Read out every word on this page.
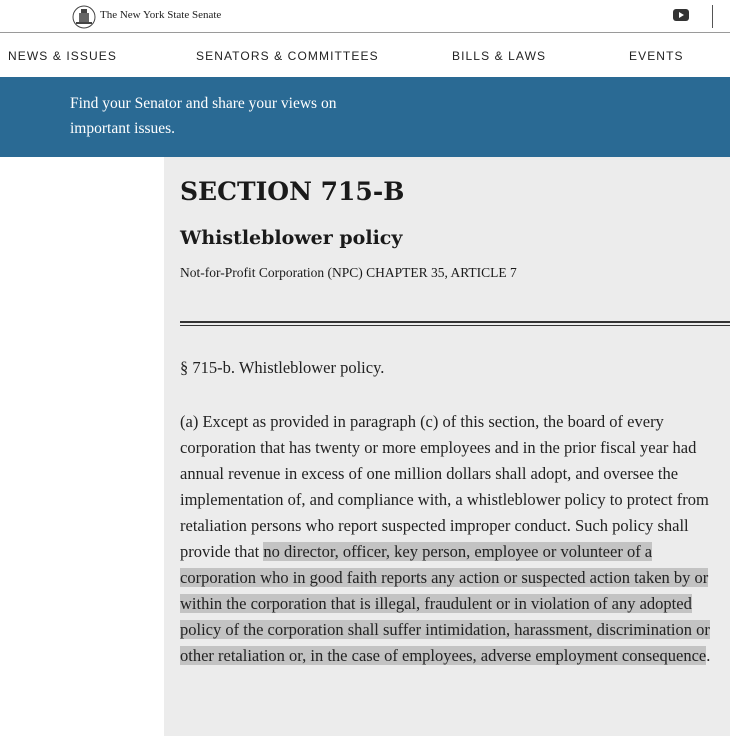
The New York State Senate
NEWS & ISSUES	SENATORS & COMMITTEES	BILLS & LAWS	EVENTS
Find your Senator and share your views on important issues.
SECTION 715-B
Whistleblower policy
Not-for-Profit Corporation (NPC) CHAPTER 35, ARTICLE 7
§ 715-b. Whistleblower policy.
(a) Except as provided in paragraph (c) of this section, the board of every corporation that has twenty or more employees and in the prior fiscal year had annual revenue in excess of one million dollars shall adopt, and oversee the implementation of, and compliance with, a whistleblower policy to protect from retaliation persons who report suspected improper conduct. Such policy shall provide that no director, officer, key person, employee or volunteer of a corporation who in good faith reports any action or suspected action taken by or within the corporation that is illegal, fraudulent or in violation of any adopted policy of the corporation shall suffer intimidation, harassment, discrimination or other retaliation or, in the case of employees, adverse employment consequence.
